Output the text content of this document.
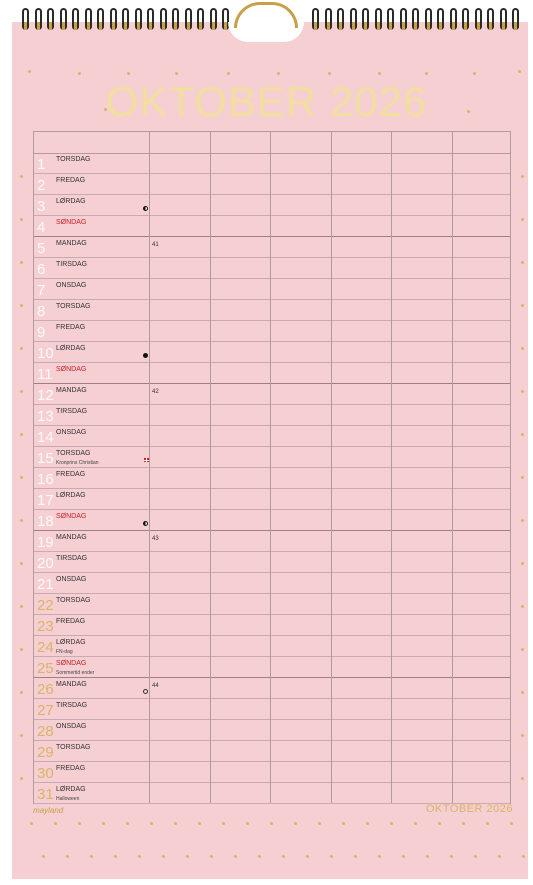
OKTOBER 2026
1 TORSDAG
2 FREDAG
3 LØRDAG
4 SØNDAG
5 MANDAG	41
6 TIRSDAG
7 ONSDAG
8 TORSDAG
9 FREDAG
10 LØRDAG
11 SØNDAG
12 MANDAG	42
13 TIRSDAG
14 ONSDAG
15 TORSDAG
Kronprins Christian
16 FREDAG
17 LØRDAG
18 SØNDAG
19 MANDAG	43
20 TIRSDAG
21 ONSDAG
22 TORSDAG
23 FREDAG
24 LØRDAG
FN-dag
25 SØNDAG
Sommertid ender
26 MANDAG	44
27 TIRSDAG
28 ONSDAG
29 TORSDAG
30 FREDAG
31 LØRDAG
Halloween
mayland	OKTOBER 2026
